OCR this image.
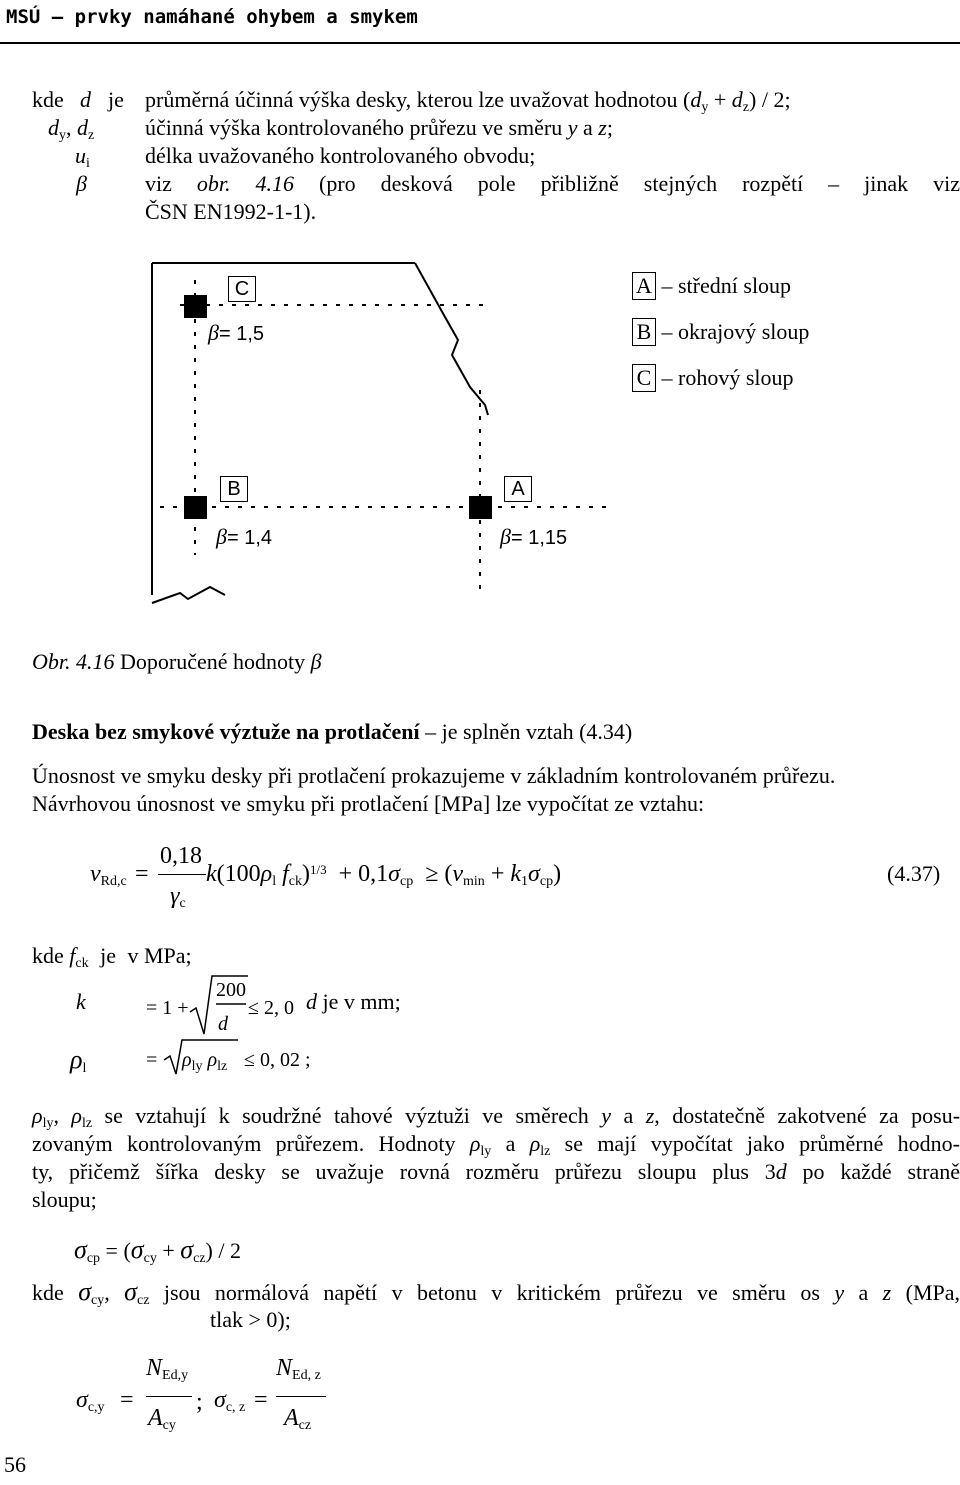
MSÚ – prvky namáhané ohybem a smykem
kde d je průměrná účinná výška desky, kterou lze uvažovat hodnotou $(d_y + d_z) / 2$;
$d_y$, $d_z$ účinná výška kontrolovaného průřezu ve směru y a z;
$u_i$	délka uvažovaného kontrolovaného obvodu;
β	viz obr. 4.16 (pro desková pole přibližně stejných rozpětí – jinak viz
ČSN EN1992-1-1).
C
β= 1,5
B
β= 1,4
A
β= 1,15
A – střední sloup
B – okrajový sloup
C – rohový sloup
Obr. 4.16 Doporučené hodnoty β
Deska bez smykové výztuže na protlačení – je splněn vztah (4.34)
Únosnost ve smyku desky při protlačení prokazujeme v základním kontrolovaném průřezu.
Návrhovou únosnost ve smyku při protlačení [MPa] lze vypočítat ze vztahu:
$v_{Rd,c}$ =
0,18
$\gamma_c$
$k(100\rho_l$ $f_{ck})^{1/3} + 0,1\sigma_{cp} \ge (v_{min} + k_1\sigma_{cp})$	(4.37)
kde $f_{ck}$ je v MPa;
k	= 1 +
200
d
≤ 2, 0 d je v mm;
$\rho_l$	= $\rho_{ly}$ $\rho_{lz} \le 0$, 02 ;
$\rho_{ly}$, $\rho_{lz}$ se vztahují k soudržné tahové výztuži ve směrech y a z, dostatečně zakotvené za posu-
zovaným kontrolovaným průřezem. Hodnoty $\rho_{ly}$ a $\rho_{lz}$ se mají vypočítat jako průměrné hodno-
ty, přičemž šířka desky se uvažuje rovná rozměru průřezu sloupu plus 3d po každé straně
sloupu;
$\sigma_{cp} = (\sigma_{cy} + \sigma_{cz}) / 2$
kde $\sigma_{cy}$, $\sigma_{cz}$ jsou normálová napětí v betonu v kritickém průřezu ve směru os y a z (MPa,
tlak > 0);
$\sigma_{c,y}$ =
$N_{Ed,y}$
$A_{cy}$
; $\sigma_{c, z}$ =
$N_{Ed, z}$
$A_{cz}$
56
